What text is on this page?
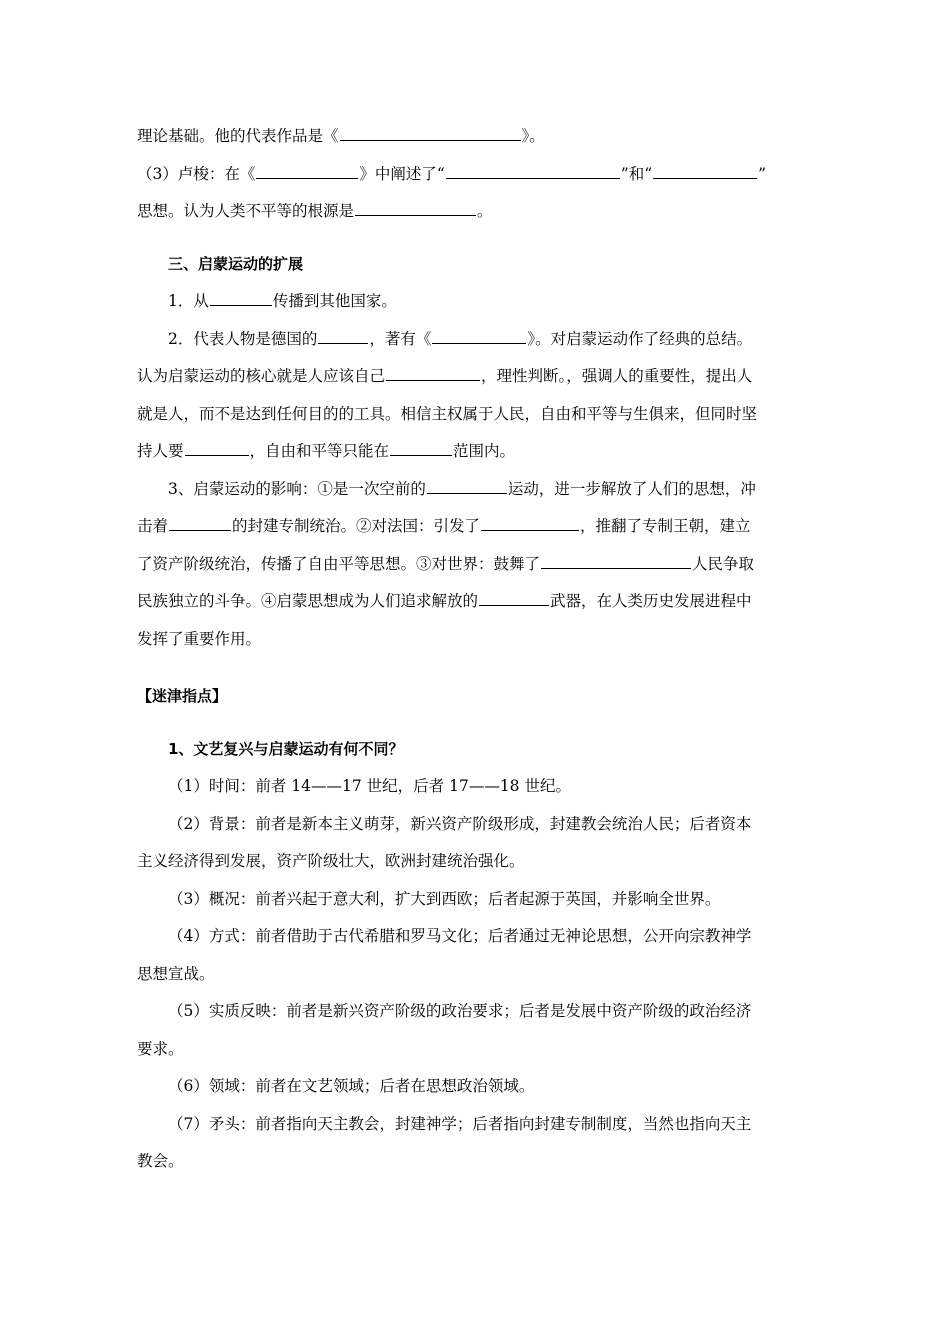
理论基础。他的代表作品是《	》。
（3）卢梭：在《	》中阐述了“	”和“	”
思想。认为人类不平等的根源是	。
三、启蒙运动的扩展
1．从	传播到其他国家。
2．代表人物是德国的	，著有《	》。对启蒙运动作了经典的总结。
认为启蒙运动的核心就是人应该自己	，理性判断。，强调人的重要性，提出人
就是人，而不是达到任何目的的工具。相信主权属于人民，自由和平等与生俱来，但同时坚
持人要	，自由和平等只能在	范围内。
3、启蒙运动的影响：①是一次空前的	运动，进一步解放了人们的思想，冲
击着	的封建专制统治。②对法国：引发了	，推翻了专制王朝，建立
了资产阶级统治，传播了自由平等思想。③对世界：鼓舞了	人民争取
民族独立的斗争。④启蒙思想成为人们追求解放的	武器，在人类历史发展进程中
发挥了重要作用。
【迷津指点】
1、文艺复兴与启蒙运动有何不同？
（1）时间：前者 14——17 世纪，后者 17——18 世纪。
（2）背景：前者是新本主义萌芽，新兴资产阶级形成，封建教会统治人民；后者资本
主义经济得到发展，资产阶级壮大，欧洲封建统治强化。
（3）概况：前者兴起于意大利，扩大到西欧；后者起源于英国，并影响全世界。
（4）方式：前者借助于古代希腊和罗马文化；后者通过无神论思想，公开向宗教神学
思想宣战。
（5）实质反映：前者是新兴资产阶级的政治要求；后者是发展中资产阶级的政治经济
要求。
（6）领域：前者在文艺领域；后者在思想政治领域。
（7）矛头：前者指向天主教会，封建神学；后者指向封建专制制度，当然也指向天主
教会。
